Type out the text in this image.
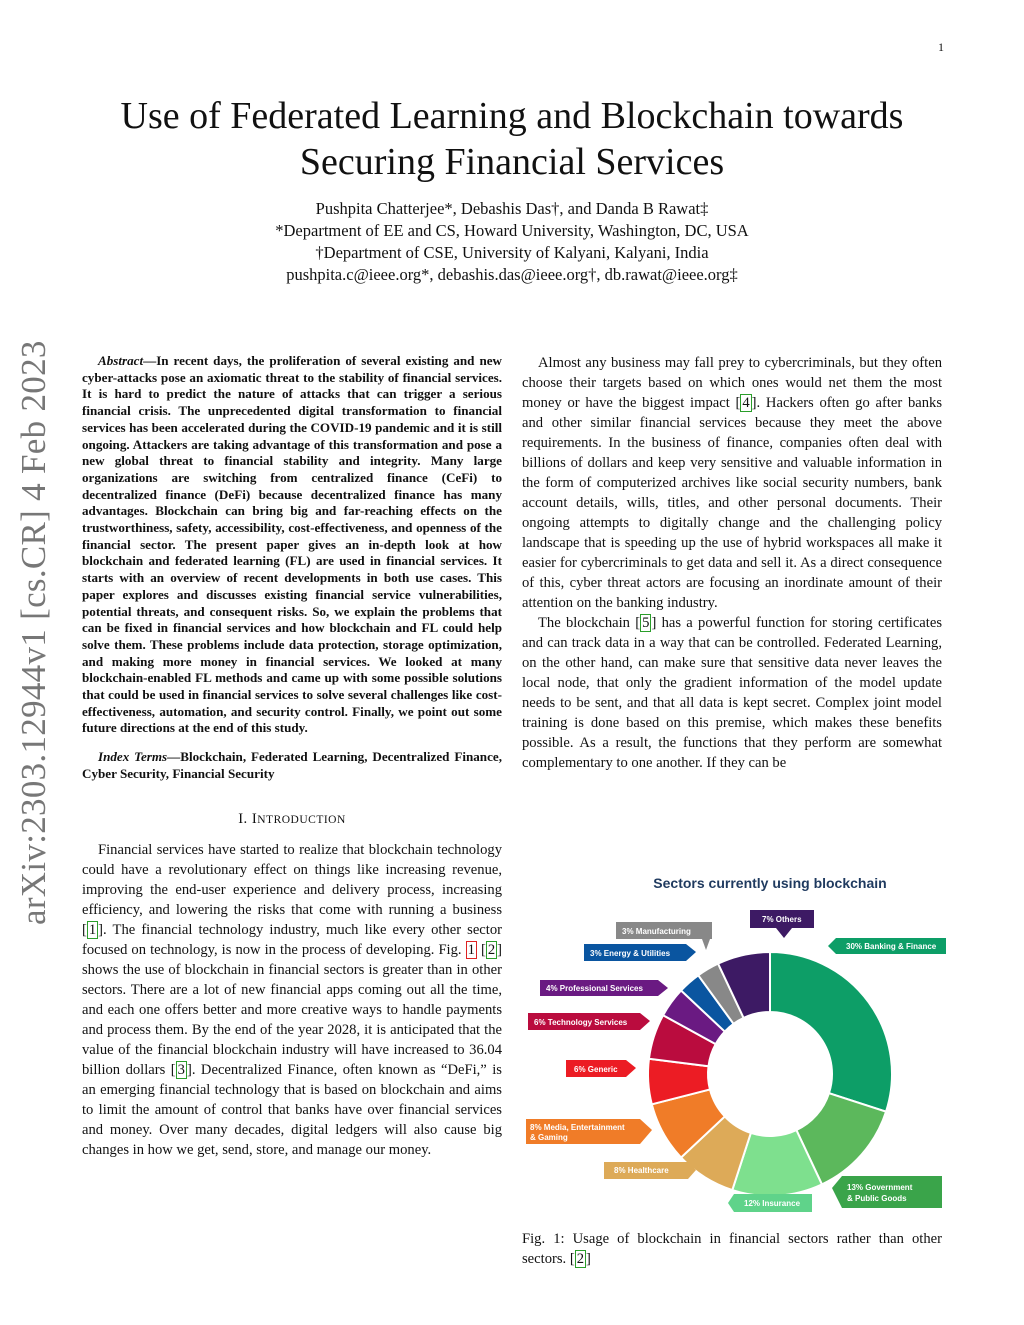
1
Use of Federated Learning and Blockchain towards
Securing Financial Services
Pushpita Chatterjee*, Debashis Das†, and Danda B Rawat‡
*Department of EE and CS, Howard University, Washington, DC, USA
†Department of CSE, University of Kalyani, Kalyani, India
pushpita.c@ieee.org*, debashis.das@ieee.org†, db.rawat@ieee.org‡
arXiv:2303.12944v1 [cs.CR] 4 Feb 2023	Abstract—In recent days, the proliferation of several existing and new cyber-attacks pose an axiomatic threat to the stability of financial services. It is hard to predict the nature of attacks that can trigger a serious financial crisis. The unprecedented digital transformation to financial services has been accelerated during the COVID-19 pandemic and it is still ongoing. Attackers are taking advantage of this transformation and pose a new global threat to financial stability and integrity. Many large organizations are switching from centralized finance (CeFi) to decentralized finance (DeFi) because decentralized finance has many advantages. Blockchain can bring big and far-reaching effects on the trustworthiness, safety, accessibility, cost-effectiveness, and openness of the financial sector. The present paper gives an in-depth look at how blockchain and federated learning (FL) are used in financial services. It starts with an overview of recent developments in both use cases. This paper explores and discusses existing financial service vulnerabilities, potential threats, and consequent risks. So, we explain the problems that can be fixed in financial services and how blockchain and FL could help solve them. These problems include data protection, storage optimization, and making more money in financial services. We looked at many blockchain-enabled FL methods and came up with some possible solutions that could be used in financial services to solve several challenges like cost-effectiveness, automation, and security control. Finally, we point out some future directions at the end of this study.

Index Terms—Blockchain, Federated Learning, Decentralized Finance, Cyber Security, Financial Security

I. INTRODUCTION

Financial services have started to realize that blockchain technology could have a revolutionary effect on things like increasing revenue, improving the end-user experience and delivery process, increasing efficiency, and lowering the risks that come with running a business [ 1 ]. The financial technology industry, much like every other sector focused on technology, is now in the process of developing. Fig. 1 [ 2 ] shows the use of blockchain in financial sectors is greater than in other sectors. There are a lot of new financial apps coming out all the time, and each one offers better and more creative ways to handle payments and process them. By the end of the year 2028, it is anticipated that the value of the financial blockchain industry will have increased to 36.04 billion dollars [ 3 ]. Decentralized Finance, often known as “DeFi,” is an emerging financial technology that is based on blockchain and aims to limit the amount of control that banks have over financial services and money. Over many decades, digital ledgers will also cause big changes in how we get, send, store, and manage our money.

Almost any business may fall prey to cybercriminals, but they often choose their targets based on which ones would net them the most money or have the biggest impact [ 4 ]. Hackers often go after banks and other similar financial services because they meet the above requirements. In the business of finance, companies often deal with billions of dollars and keep very sensitive and valuable information in the form of computerized archives like social security numbers, bank account details, wills, titles, and other personal documents. Their ongoing attempts to digitally change and the challenging policy landscape that is speeding up the use of hybrid workspaces all make it easier for cybercriminals to get data and sell it. As a direct consequence of this, cyber threat actors are focusing an inordinate amount of their attention on the banking industry.

The blockchain [ 5 ] has a powerful function for storing certificates and can track data in a way that can be controlled. Federated Learning, on the other hand, can make sure that sensitive data never leaves the local node, that only the gradient information of the model update needs to be sent, and that all data is kept secret. Complex joint model training is done based on this premise, which makes these benefits possible. As a result, the functions that they perform are somewhat complementary to one another. If they can be

Sectors currently using blockchain
30% Banking & Finance
13% Government
& Public Goods
12% Insurance
8% Healthcare
8% Media, Entertainment
& Gaming
6% Generic
6% Technology Services
4% Professional Services
3% Energy & Utilities
3% Manufacturing
7% Others
Fig. 1: Usage of blockchain in financial sectors rather than other sectors. [ 2 ]
